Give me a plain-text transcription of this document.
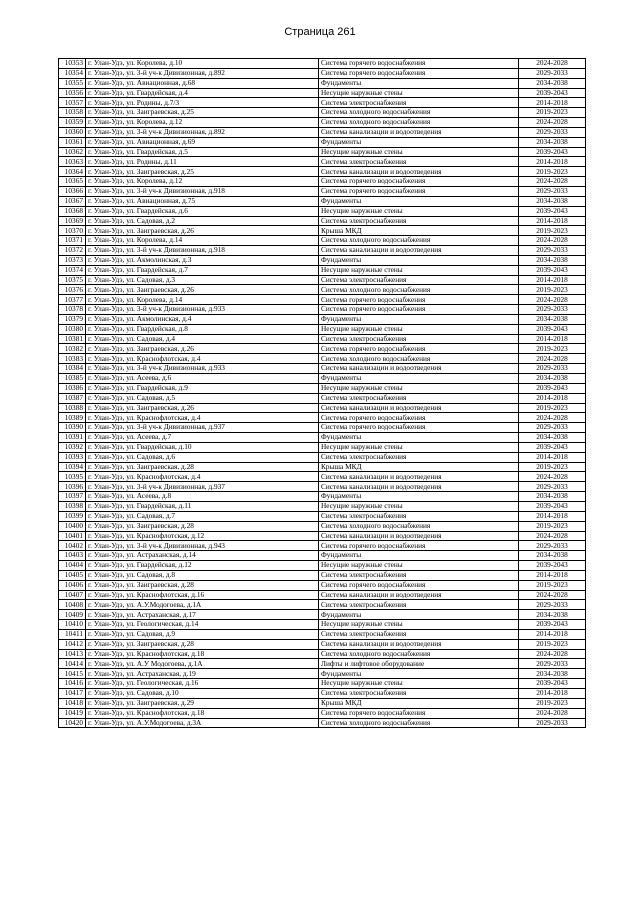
Страница 261
10353	г. Улан-Удэ, ул. Королева, д.10	Система горячего водоснабжения	2024-2028
10354	г. Улан-Удэ, ул. 3-й уч-к Дивизионная, д.892	Система горячего водоснабжения	2029-2033
10355	г. Улан-Удэ, ул. Авиационная, д.68	Фундаменты	2034-2038
10356	г. Улан-Удэ, ул. Гвардейская, д.4	Несущие наружные стены	2039-2043
10357	г. Улан-Удэ, ул. Родины, д.7/3	Система электроснабжения	2014-2018
10358	г. Улан-Удэ, ул. Заиграевская, д.25	Система холодного водоснабжения	2019-2023
10359	г. Улан-Удэ, ул. Королева, д.12	Система холодного водоснабжения	2024-2028
10360	г. Улан-Удэ, ул. 3-й уч-к Дивизионная, д.892	Система канализации и водоотведения	2029-2033
10361	г. Улан-Удэ, ул. Авиационная, д.69	Фундаменты	2034-2038
10362	г. Улан-Удэ, ул. Гвардейская, д.5	Несущие наружные стены	2039-2043
10363	г. Улан-Удэ, ул. Родины, д.11	Система электроснабжения	2014-2018
10364	г. Улан-Удэ, ул. Заиграевская, д.25	Система канализации и водоотведения	2019-2023
10365	г. Улан-Удэ, ул. Королева, д.12	Система горячего водоснабжения	2024-2028
10366	г. Улан-Удэ, ул. 3-й уч-к Дивизионная, д.918	Система горячего водоснабжения	2029-2033
10367	г. Улан-Удэ, ул. Авиационная, д.75	Фундаменты	2034-2038
10368	г. Улан-Удэ, ул. Гвардейская, д.6	Несущие наружные стены	2039-2043
10369	г. Улан-Удэ, ул. Садовая, д.2	Система электроснабжения	2014-2018
10370	г. Улан-Удэ, ул. Заиграевская, д.26	Крыша МКД	2019-2023
10371	г. Улан-Удэ, ул. Королева, д.14	Система холодного водоснабжения	2024-2028
10372	г. Улан-Удэ, ул. 3-й уч-к Дивизионная, д.918	Система канализации и водоотведения	2029-2033
10373	г. Улан-Удэ, ул. Акмолинская, д.3	Фундаменты	2034-2038
10374	г. Улан-Удэ, ул. Гвардейская, д.7	Несущие наружные стены	2039-2043
10375	г. Улан-Удэ, ул. Садовая, д.3	Система электроснабжения	2014-2018
10376	г. Улан-Удэ, ул. Заиграевская, д.26	Система холодного водоснабжения	2019-2023
10377	г. Улан-Удэ, ул. Королева, д.14	Система горячего водоснабжения	2024-2028
10378	г. Улан-Удэ, ул. 3-й уч-к Дивизионная, д.933	Система горячего водоснабжения	2029-2033
10379	г. Улан-Удэ, ул. Акмолинская, д.4	Фундаменты	2034-2038
10380	г. Улан-Удэ, ул. Гвардейская, д.8	Несущие наружные стены	2039-2043
10381	г. Улан-Удэ, ул. Садовая, д.4	Система электроснабжения	2014-2018
10382	г. Улан-Удэ, ул. Заиграевская, д.26	Система горячего водоснабжения	2019-2023
10383	г. Улан-Удэ, ул. Краснофлотская, д.4	Система холодного водоснабжения	2024-2028
10384	г. Улан-Удэ, ул. 3-й уч-к Дивизионная, д.933	Система канализации и водоотведения	2029-2033
10385	г. Улан-Удэ, ул. Асеева, д.6	Фундаменты	2034-2038
10386	г. Улан-Удэ, ул. Гвардейская, д.9	Несущие наружные стены	2039-2043
10387	г. Улан-Удэ, ул. Садовая, д.5	Система электроснабжения	2014-2018
10388	г. Улан-Удэ, ул. Заиграевская, д.26	Система канализации и водоотведения	2019-2023
10389	г. Улан-Удэ, ул. Краснофлотская, д.4	Система горячего водоснабжения	2024-2028
10390	г. Улан-Удэ, ул. 3-й уч-к Дивизионная, д.937	Система горячего водоснабжения	2029-2033
10391	г. Улан-Удэ, ул. Асеева, д.7	Фундаменты	2034-2038
10392	г. Улан-Удэ, ул. Гвардейская, д.10	Несущие наружные стены	2039-2043
10393	г. Улан-Удэ, ул. Садовая, д.6	Система электроснабжения	2014-2018
10394	г. Улан-Удэ, ул. Заиграевская, д.28	Крыша МКД	2019-2023
10395	г. Улан-Удэ, ул. Краснофлотская, д.4	Система канализации и водоотведения	2024-2028
10396	г. Улан-Удэ, ул. 3-й уч-к Дивизионная, д.937	Система канализации и водоотведения	2029-2033
10397	г. Улан-Удэ, ул. Асеева, д.8	Фундаменты	2034-2038
10398	г. Улан-Удэ, ул. Гвардейская, д.11	Несущие наружные стены	2039-2043
10399	г. Улан-Удэ, ул. Садовая, д.7	Система электроснабжения	2014-2018
10400	г. Улан-Удэ, ул. Заиграевская, д.28	Система холодного водоснабжения	2019-2023
10401	г. Улан-Удэ, ул. Краснофлотская, д.12	Система канализации и водоотведения	2024-2028
10402	г. Улан-Удэ, ул. 3-й уч-к Дивизионная, д.943	Система горячего водоснабжения	2029-2033
10403	г. Улан-Удэ, ул. Астраханская, д.14	Фундаменты	2034-2038
10404	г. Улан-Удэ, ул. Гвардейская, д.12	Несущие наружные стены	2039-2043
10405	г. Улан-Удэ, ул. Садовая, д.8	Система электроснабжения	2014-2018
10406	г. Улан-Удэ, ул. Заиграевская, д.28	Система горячего водоснабжения	2019-2023
10407	г. Улан-Удэ, ул. Краснофлотская, д.16	Система канализации и водоотведения	2024-2028
10408	г. Улан-Удэ, ул. А.У.Модогоева, д.1А	Система электроснабжения	2029-2033
10409	г. Улан-Удэ, ул. Астраханская, д.17	Фундаменты	2034-2038
10410	г. Улан-Удэ, ул. Геологическая, д.14	Несущие наружные стены	2039-2043
10411	г. Улан-Удэ, ул. Садовая, д.9	Система электроснабжения	2014-2018
10412	г. Улан-Удэ, ул. Заиграевская, д.28	Система канализации и водоотведения	2019-2023
10413	г. Улан-Удэ, ул. Краснофлотская, д.18	Система холодного водоснабжения	2024-2028
10414	г. Улан-Удэ, ул. А.У Модогоева, д.1А	Лифты и лифтовое оборудование	2029-2033
10415	г. Улан-Удэ, ул. Астраханская, д.19	Фундаменты	2034-2038
10416	г. Улан-Удэ, ул. Геологическая, д.16	Несущие наружные стены	2039-2043
10417	г. Улан-Удэ, ул. Садовая, д.10	Система электроснабжения	2014-2018
10418	г. Улан-Удэ, ул. Заиграевская, д.29	Крыша МКД	2019-2023
10419	г. Улан-Удэ, ул. Краснофлотская, д.18	Система горячего водоснабжения	2024-2028
10420	г. Улан-Удэ, ул. А.У.Модогоева, д.3А	Система холодного водоснабжения	2029-2033
